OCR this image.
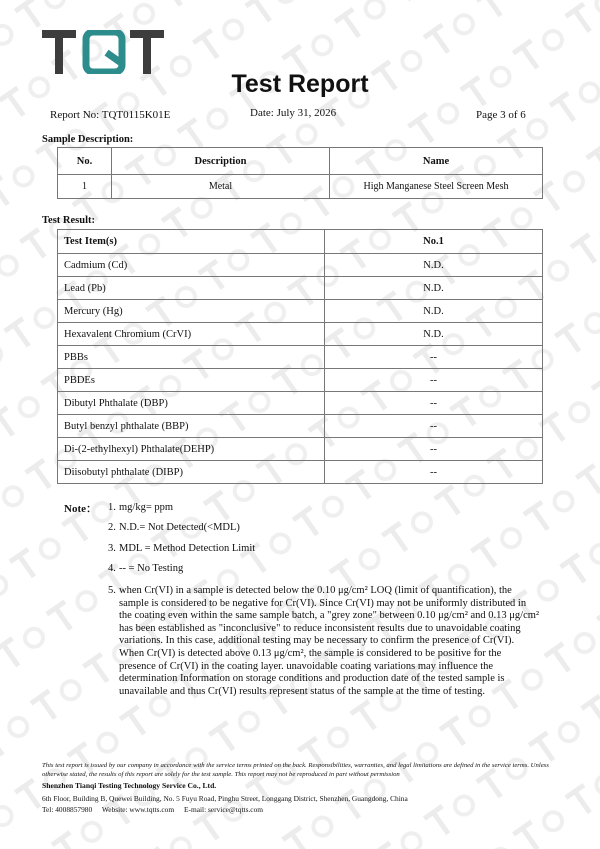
Test Report
Report No: TQT0115K01E	Date: July 31, 2026	Page 3 of 6
Sample Description:
No.	Description	Name
1	Metal	High Manganese Steel Screen Mesh
Test Result:
Test Item(s)	No.1
Cadmium (Cd)	N.D.
Lead (Pb)	N.D.
Mercury (Hg)	N.D.
Hexavalent Chromium (CrVI)	N.D.
PBBs	--
PBDEs	--
Dibutyl Phthalate (DBP)	--
Butyl benzyl phthalate (BBP)	--
Di-(2-ethylhexyl) Phthalate(DEHP)	--
Diisobutyl phthalate (DIBP)	--
Note： 1. mg/kg= ppm
2. N.D.= Not Detected(<MDL)
3. MDL = Method Detection Limit
4. -- = No Testing
5. when Cr(VI) in a sample is detected below the 0.10 μg/cm² LOQ (limit of quantification), the sample is considered to be negative for Cr(VI). Since Cr(VI) may not be uniformly distributed in the coating even within the same sample batch, a "grey zone" between 0.10 μg/cm² and 0.13 μg/cm² has been established as "inconclusive" to reduce inconsistent results due to unavoidable coating variations. In this case, additional testing may be necessary to confirm the presence of Cr(VI). When Cr(VI) is detected above 0.13 μg/cm², the sample is considered to be positive for the presence of Cr(VI) in the coating layer. unavoidable coating variations may influence the determination Information on storage conditions and production date of the tested sample is unavailable and thus Cr(VI) results represent status of the sample at the time of testing.
This test report is issued by our company in accordance with the service terms printed on the back. Responsibilities, warranties, and legal limitations are defined in the service terms. Unless otherwise stated, the results of this report are solely for the test sample. This report may not be reproduced in part without permission
Shenzhen Tianqi Testing Technology Service Co., Ltd.
6th Floor, Building B, Quewei Building, No. 5 Fuyu Road, Pinghu Street, Longgang District, Shenzhen, Guangdong, China
Tel: 4008857980 Website: www.tqtts.com E-mail: service@tqtts.com
